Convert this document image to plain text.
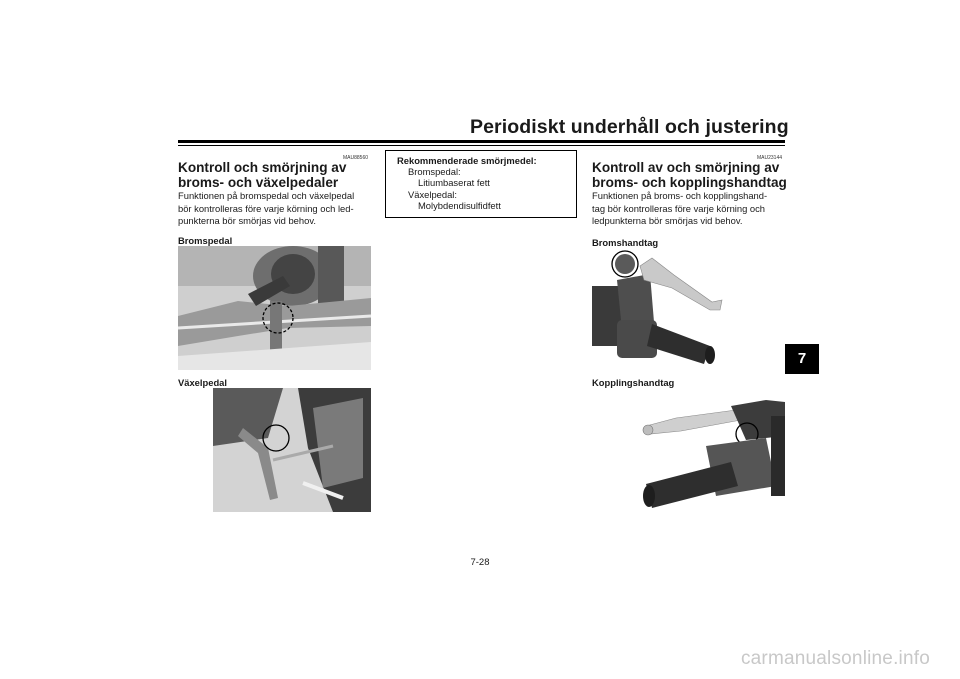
Periodiskt underhåll och justering
7
MAU88560
Kontroll och smörjning av
broms- och växelpedaler
Funktionen på bromspedal och växelpedal
bör kontrolleras före varje körning och led-
punkterna bör smörjas vid behov.
Bromspedal
Växelpedal
Rekommenderade smörjmedel:
Bromspedal:
Litiumbaserat fett
Växelpedal:
Molybdendisulfidfett
MAU23144
Kontroll av och smörjning av
broms- och kopplingshandtag
Funktionen på broms- och kopplingshand-
tag bör kontrolleras före varje körning och
ledpunkterna bör smörjas vid behov.
Bromshandtag
Kopplingshandtag
7-28
carmanualsonline.info
